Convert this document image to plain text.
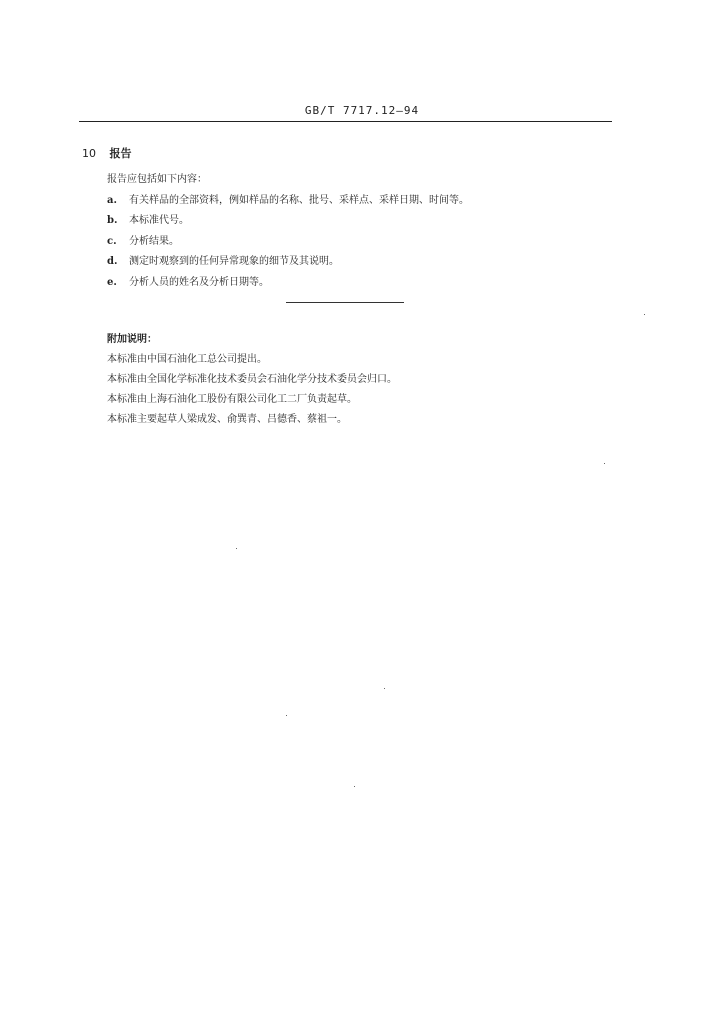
GB/T 7717.12—94
10 报告
报告应包括如下内容：
a.	有关样品的全部资料，例如样品的名称、批号、采样点、采样日期、时间等。
b.	本标准代号。
c.	分析结果。
d.	测定时观察到的任何异常现象的细节及其说明。
e.	分析人员的姓名及分析日期等。
附加说明：
本标准由中国石油化工总公司提出。
本标准由全国化学标准化技术委员会石油化学分技术委员会归口。
本标准由上海石油化工股份有限公司化工二厂负责起草。
本标准主要起草人梁成发、俞巽青、吕德香、蔡祖一。
